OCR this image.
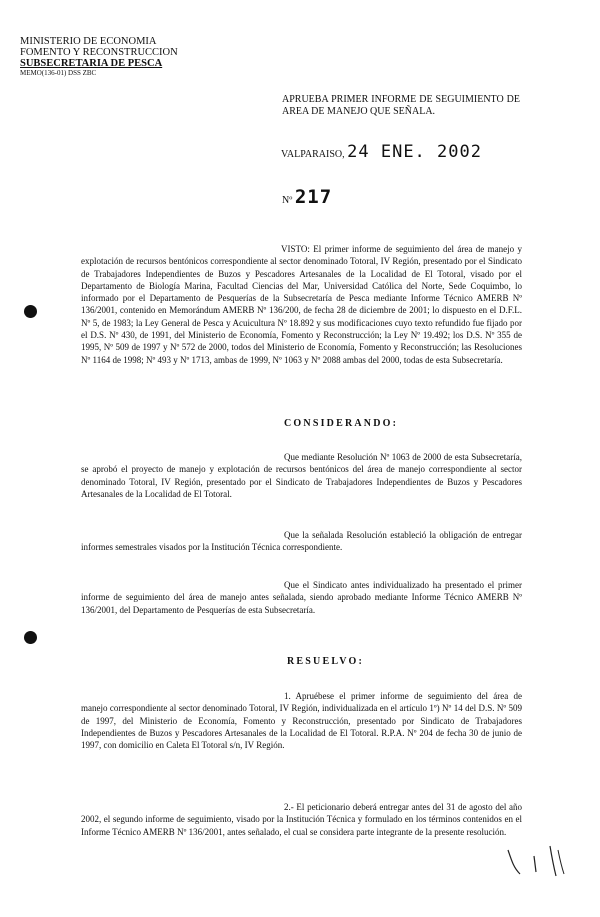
MINISTERIO DE ECONOMIA
FOMENTO Y RECONSTRUCCION
SUBSECRETARIA DE PESCA
MEMO(136-01) DSS ZBC
APRUEBA PRIMER INFORME DE SEGUIMIENTO DE AREA DE MANEJO QUE SEÑALA.
VALPARAISO, 24 ENE. 2002
Nº 217
VISTO: El primer informe de seguimiento del área de manejo y explotación de recursos bentónicos correspondiente al sector denominado Totoral, IV Región, presentado por el Sindicato de Trabajadores Independientes de Buzos y Pescadores Artesanales de la Localidad de El Totoral, visado por el Departamento de Biología Marina, Facultad Ciencias del Mar, Universidad Católica del Norte, Sede Coquimbo, lo informado por el Departamento de Pesquerías de la Subsecretaría de Pesca mediante Informe Técnico AMERB Nº 136/2001, contenido en Memorándum AMERB Nº 136/200, de fecha 28 de diciembre de 2001; lo dispuesto en el D.F.L. Nº 5, de 1983; la Ley General de Pesca y Acuicultura Nº 18.892 y sus modificaciones cuyo texto refundido fue fijado por el D.S. Nº 430, de 1991, del Ministerio de Economía, Fomento y Reconstrucción; la Ley Nº 19.492; los D.S. Nº 355 de 1995, Nº 509 de 1997 y Nº 572 de 2000, todos del Ministerio de Economía, Fomento y Reconstrucción; las Resoluciones Nº 1164 de 1998; Nº 493 y Nº 1713, ambas de 1999, Nº 1063 y Nº 2088 ambas del 2000, todas de esta Subsecretaría.
CONSIDERANDO:
Que mediante Resolución Nº 1063 de 2000 de esta Subsecretaría, se aprobó el proyecto de manejo y explotación de recursos bentónicos del área de manejo correspondiente al sector denominado Totoral, IV Región, presentado por el Sindicato de Trabajadores Independientes de Buzos y Pescadores Artesanales de la Localidad de El Totoral.
Que la señalada Resolución estableció la obligación de entregar informes semestrales visados por la Institución Técnica correspondiente.
Que el Sindicato antes individualizado ha presentado el primer informe de seguimiento del área de manejo antes señalada, siendo aprobado mediante Informe Técnico AMERB Nº 136/2001, del Departamento de Pesquerías de esta Subsecretaría.
RESUELVO:
1. Apruébese el primer informe de seguimiento del área de manejo correspondiente al sector denominado Totoral, IV Región, individualizada en el artículo 1º) Nº 14 del D.S. Nº 509 de 1997, del Ministerio de Economía, Fomento y Reconstrucción, presentado por Sindicato de Trabajadores Independientes de Buzos y Pescadores Artesanales de la Localidad de El Totoral. R.P.A. Nº 204 de fecha 30 de junio de 1997, con domicilio en Caleta El Totoral s/n, IV Región.
2.- El peticionario deberá entregar antes del 31 de agosto del año 2002, el segundo informe de seguimiento, visado por la Institución Técnica y formulado en los términos contenidos en el Informe Técnico AMERB Nº 136/2001, antes señalado, el cual se considera parte integrante de la presente resolución.
